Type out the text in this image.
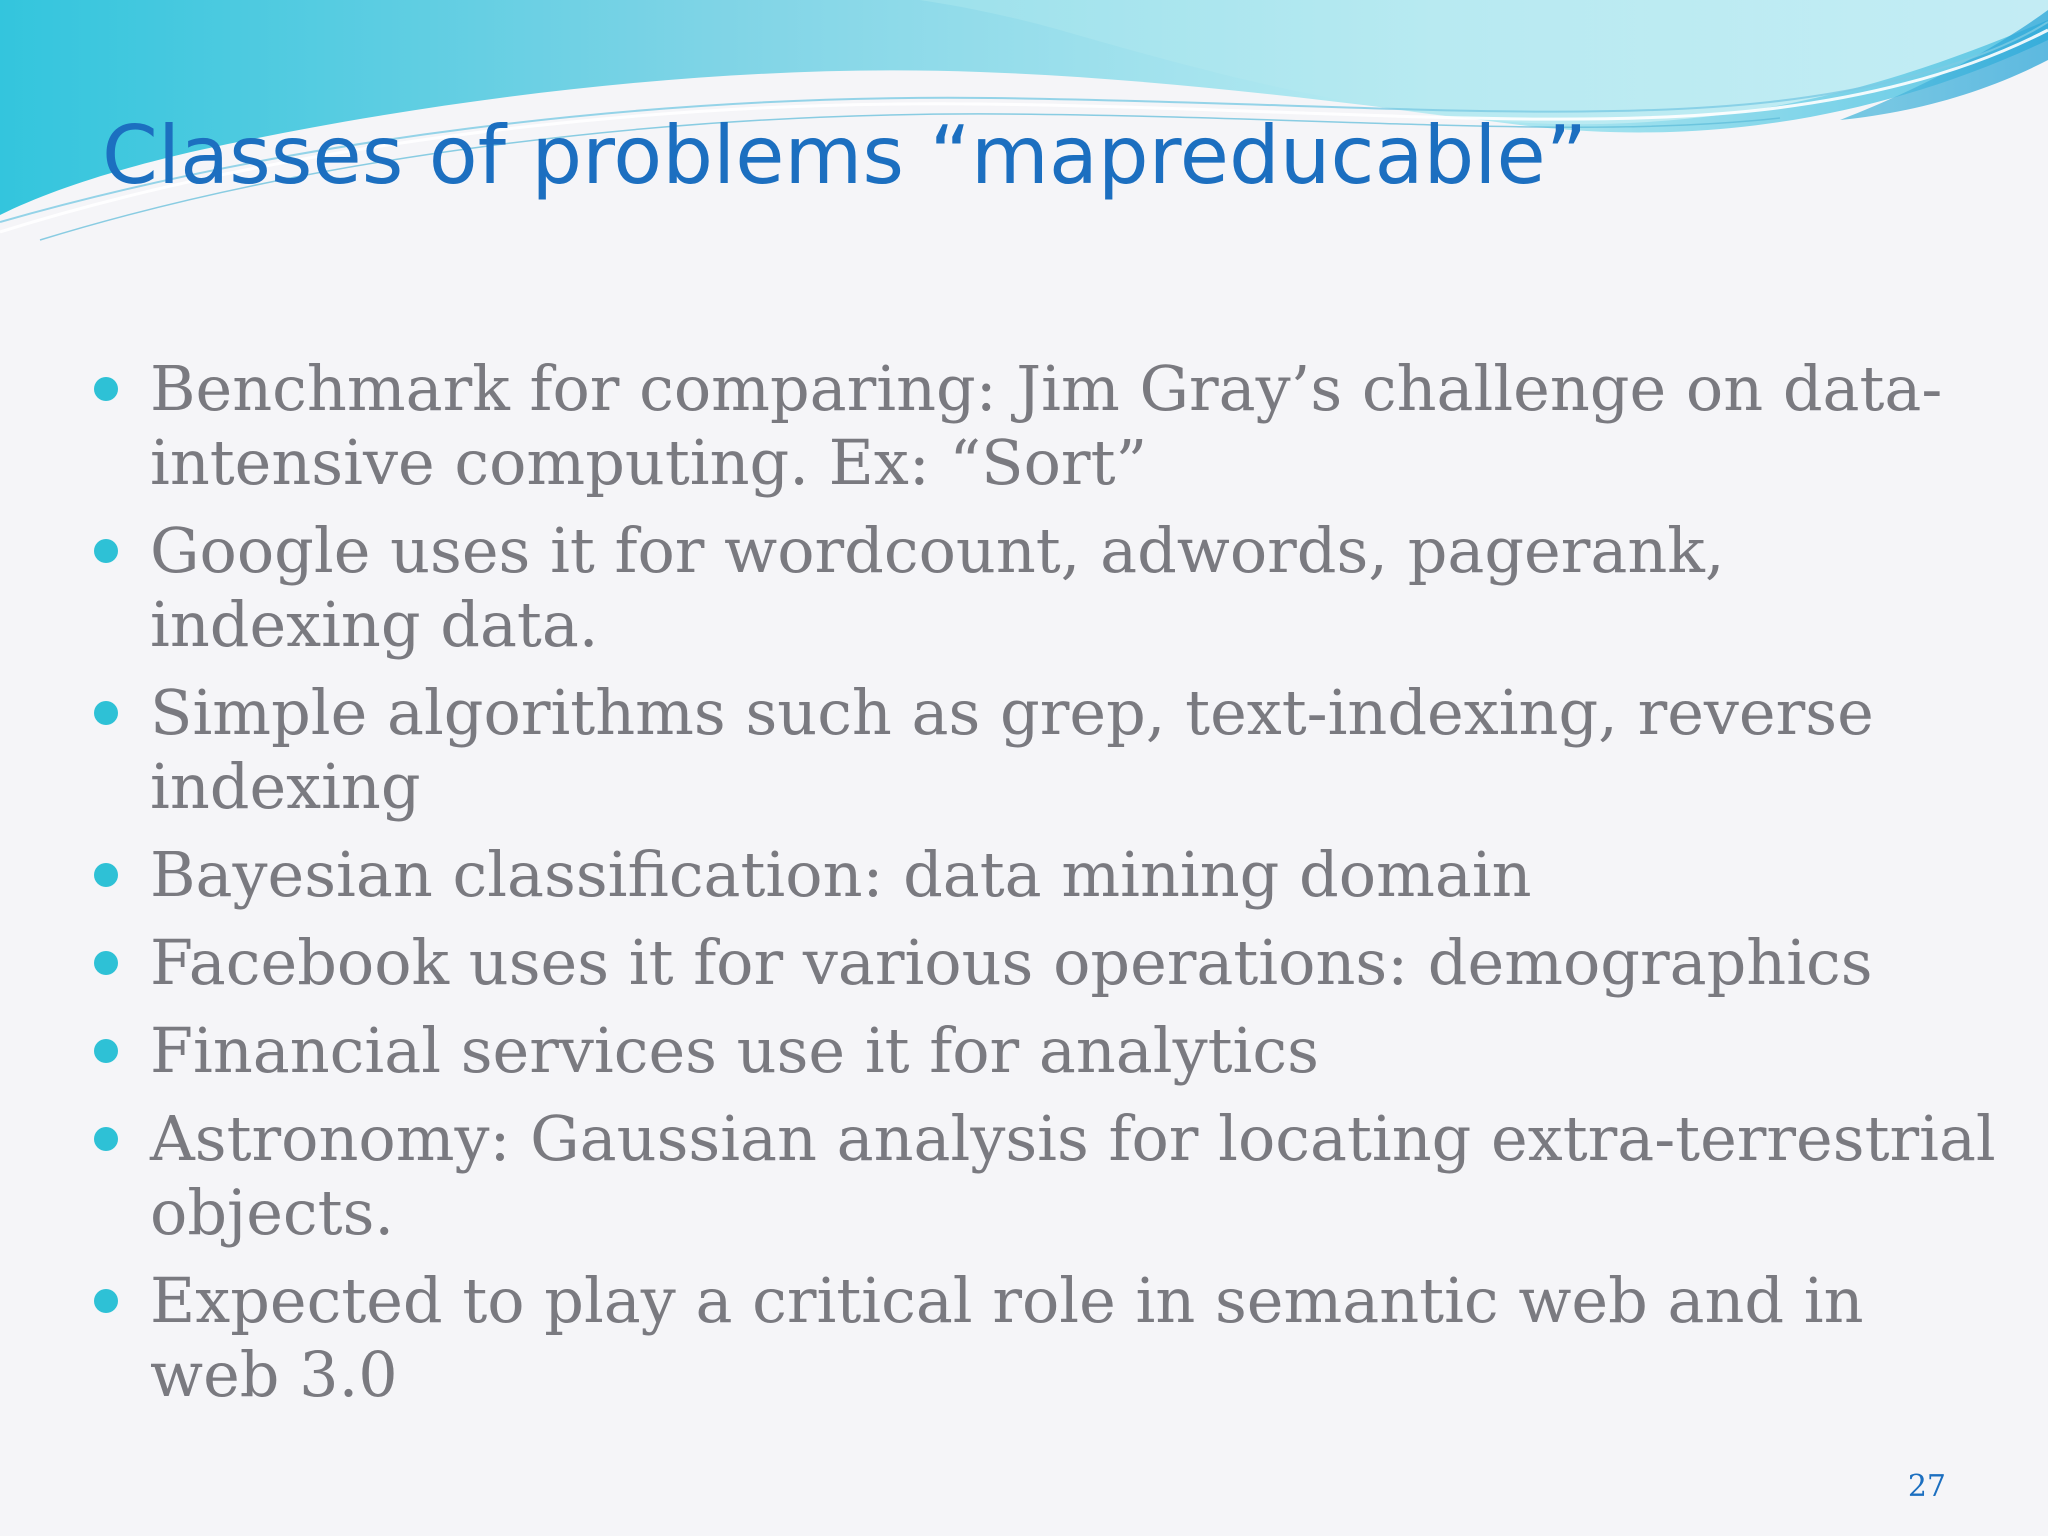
Classes of problems “mapreducable”
Benchmark for comparing: Jim Gray’s challenge on data-intensive computing. Ex: “Sort”
Google uses it for wordcount, adwords, pagerank, indexing data.
Simple algorithms such as grep, text-indexing, reverse indexing
Bayesian classification: data mining domain
Facebook uses it for various operations: demographics
Financial services use it for analytics
Astronomy: Gaussian analysis for locating extra-terrestrial objects.
Expected to play a critical role in semantic web and in web 3.0
27
